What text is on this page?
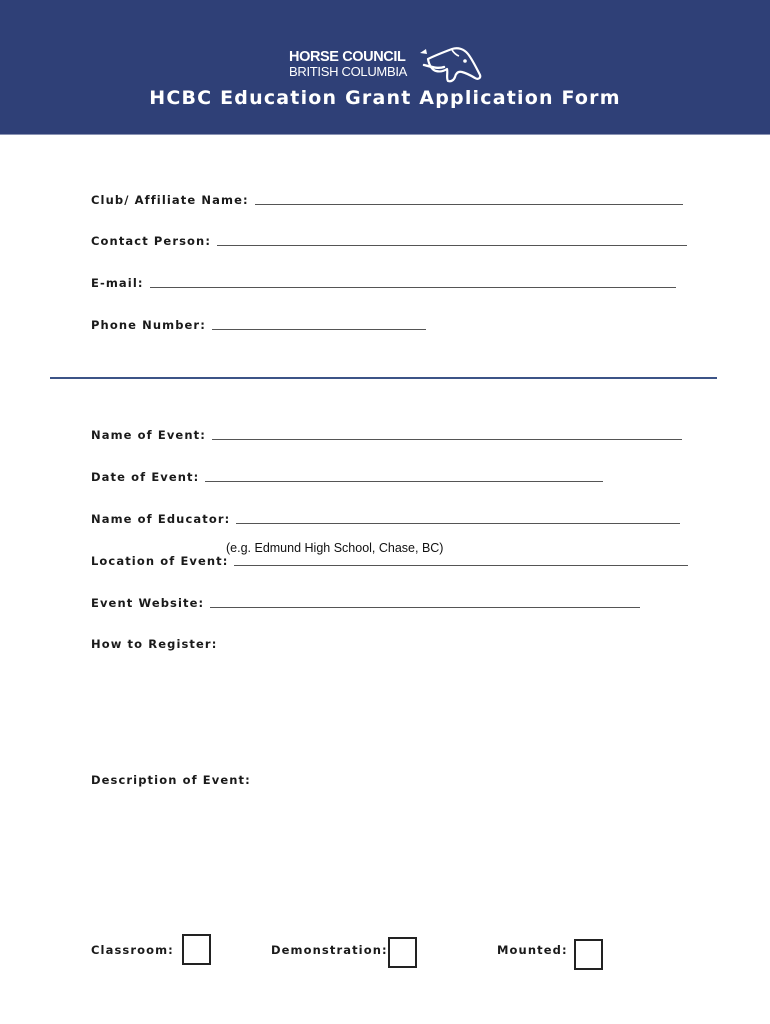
HORSE COUNCIL
BRITISH COLUMBIA
HCBC Education Grant Application Form
Club/ Affiliate Name:
Contact Person:
E-mail:
Phone Number:
Name of Event:
Date of Event:
Name of Educator:
(e.g. Edmund High School, Chase, BC)
Location of Event:
Event Website:
How to Register:
Description of Event:
Classroom:	Demonstration:	Mounted:
